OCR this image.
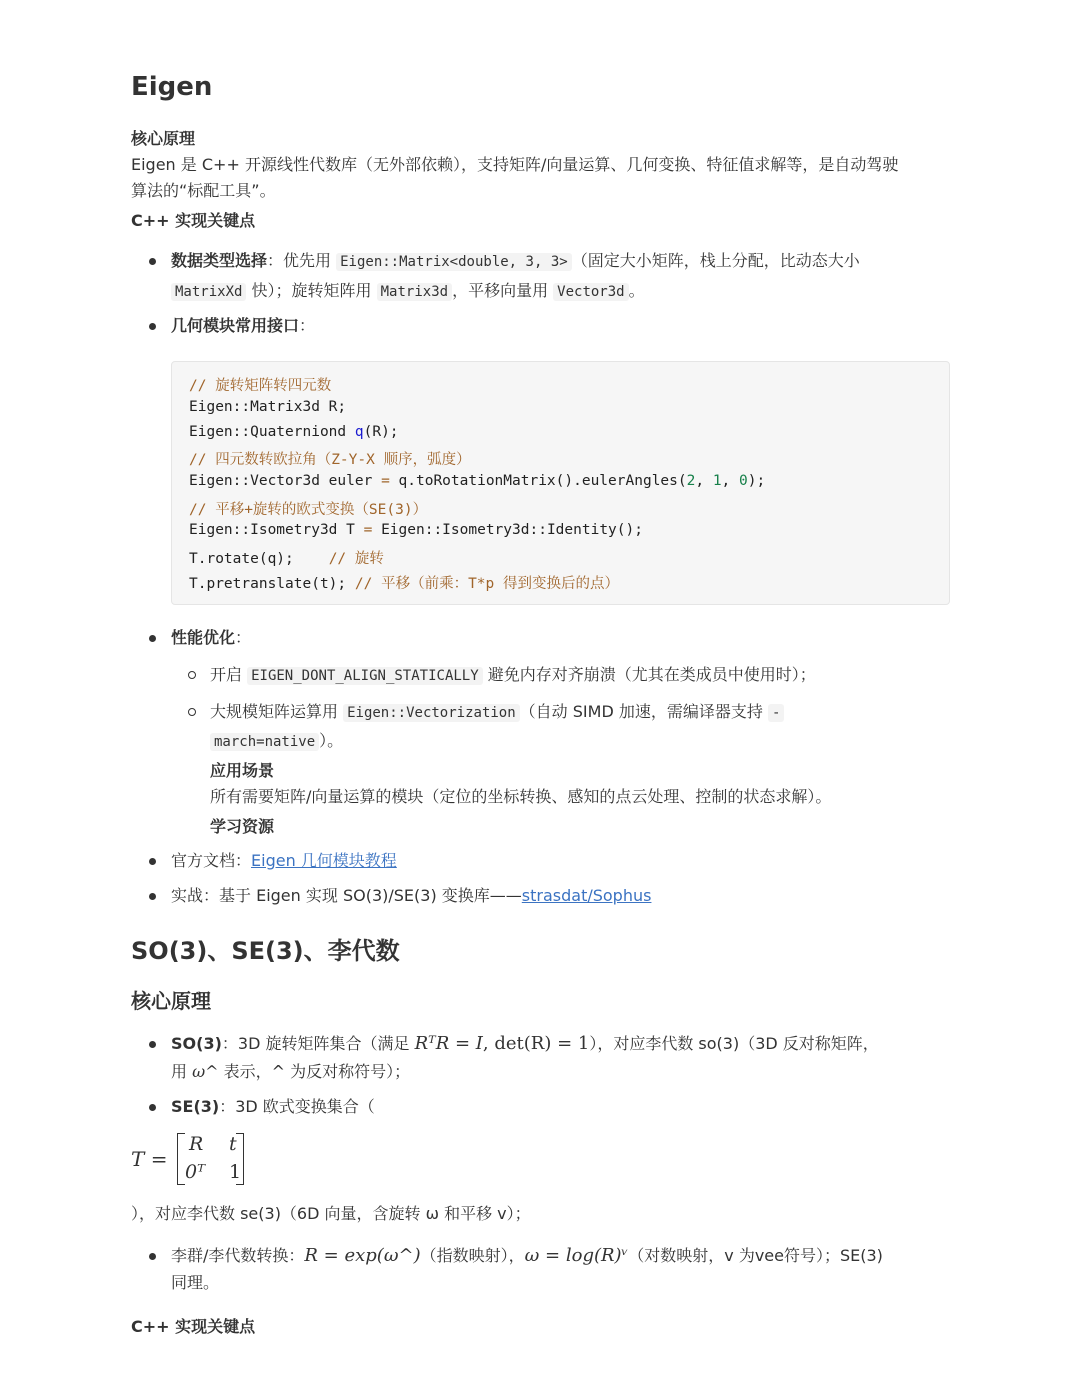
Eigen
核心原理
Eigen 是 C++ 开源线性代数库（无外部依赖），支持矩阵/向量运算、几何变换、特征值求解等，是自动驾驶
算法的“标配工具”。
C++ 实现关键点
数据类型选择：优先用 Eigen::Matrix<double, 3, 3> （固定大小矩阵，栈上分配，比动态大小
MatrixXd 快）；旋转矩阵用 Matrix3d ，平移向量用 Vector3d 。
几何模块常用接口：
// 旋转矩阵转四元数
Eigen::Matrix3d R;
Eigen::Quaterniond q(R);
// 四元数转欧拉角（Z-Y-X 顺序，弧度）
Eigen::Vector3d euler = q.toRotationMatrix().eulerAngles(2, 1, 0);
// 平移+旋转的欧式变换（SE(3)）
Eigen::Isometry3d T = Eigen::Isometry3d::Identity();
T.rotate(q);    // 旋转
T.pretranslate(t); // 平移（前乘：T*p 得到变换后的点）
性能优化：
开启 EIGEN_DONT_ALIGN_STATICALLY 避免内存对齐崩溃（尤其在类成员中使用时）；
大规模矩阵运算用 Eigen::Vectorization （自动 SIMD 加速，需编译器支持 -
march=native ）。
应用场景
所有需要矩阵/向量运算的模块（定位的坐标转换、感知的点云处理、控制的状态求解）。
学习资源
官方文档：Eigen 几何模块教程
实战：基于 Eigen 实现 SO(3)/SE(3) 变换库——strasdat/Sophus
SO(3)、SE(3)、李代数
核心原理
SO(3)：3D 旋转矩阵集合（满足 RᵀR = I, det(R) = 1），对应李代数 so(3)（3D 反对称矩阵，
用 ω^ 表示，^ 为反对称符号）；
SE(3)：3D 欧式变换集合（
T =
R t
0ᵀ 1
），对应李代数 se(3)（6D 向量，含旋转 ω 和平移 v）；
李群/李代数转换：R = exp(ω^)（指数映射），ω = log(R)ᵛ（对数映射，v 为vee符号）；SE(3)
同理。
C++ 实现关键点
